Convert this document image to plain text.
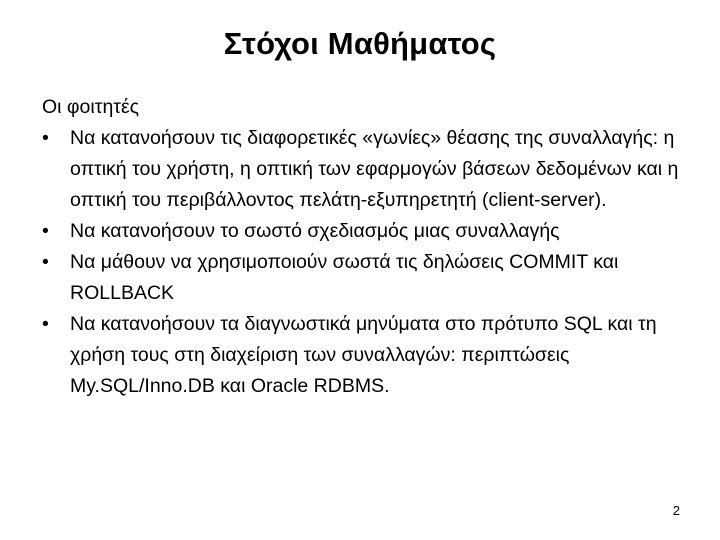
Στόχοι Μαθήματος

Οι φοιτητές

•	Να κατανοήσουν τις διαφορετικές «γωνίες» θέασης της συναλλαγής: η οπτική του χρήστη, η οπτική των εφαρμογών βάσεων δεδομένων και η οπτική του περιβάλλοντος πελάτη-εξυπηρετητή (client-server).
•	Να κατανοήσουν το σωστό σχεδιασμός μιας συναλλαγής
•	Να μάθουν να χρησιμοποιούν σωστά τις δηλώσεις COMMIT και ROLLBACK
•	Να κατανοήσουν τα διαγνωστικά μηνύματα στο πρότυπο SQL και τη χρήση τους στη διαχείριση των συναλλαγών: περιπτώσεις My.SQL/Inno.DB και Oracle RDBMS.
2
